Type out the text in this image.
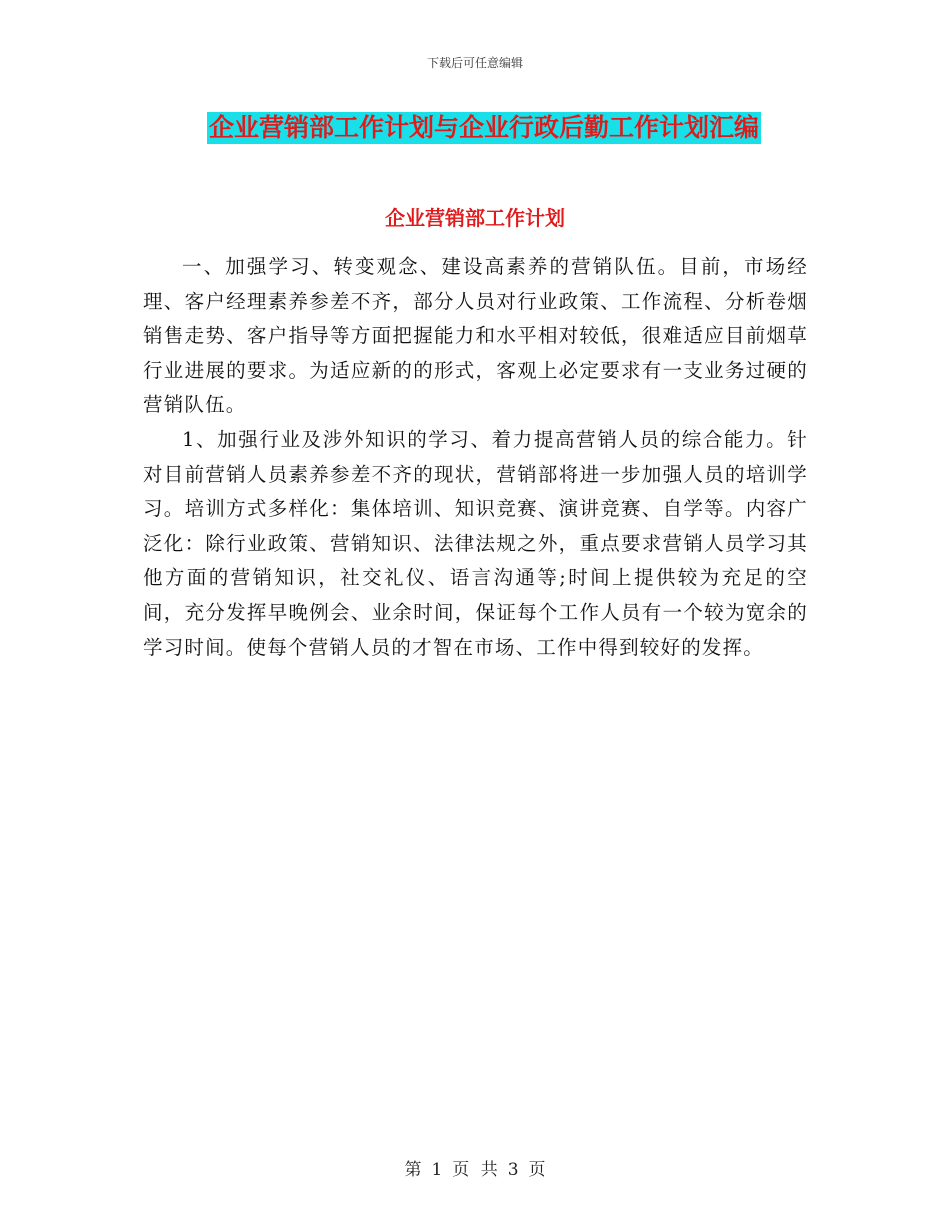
下载后可任意编辑
企业营销部工作计划与企业行政后勤工作计划汇编
企业营销部工作计划

一、加强学习、转变观念、建设高素养的营销队伍。目前，市场经理、客户经理素养参差不齐，部分人员对行业政策、工作流程、分析卷烟销售走势、客户指导等方面把握能力和水平相对较低，很难适应目前烟草行业进展的要求。为适应新的的形式，客观上必定要求有一支业务过硬的营销队伍。

1、加强行业及涉外知识的学习、着力提高营销人员的综合能力。针对目前营销人员素养参差不齐的现状，营销部将进一步加强人员的培训学习。培训方式多样化：集体培训、知识竞赛、演讲竞赛、自学等。内容广泛化：除行业政策、营销知识、法律法规之外，重点要求营销人员学习其他方面的营销知识，社交礼仪、语言沟通等;时间上提供较为充足的空间，充分发挥早晚例会、业余时间，保证每个工作人员有一个较为宽余的学习时间。使每个营销人员的才智在市场、工作中得到较好的发挥。

第 1 页 共 3 页
